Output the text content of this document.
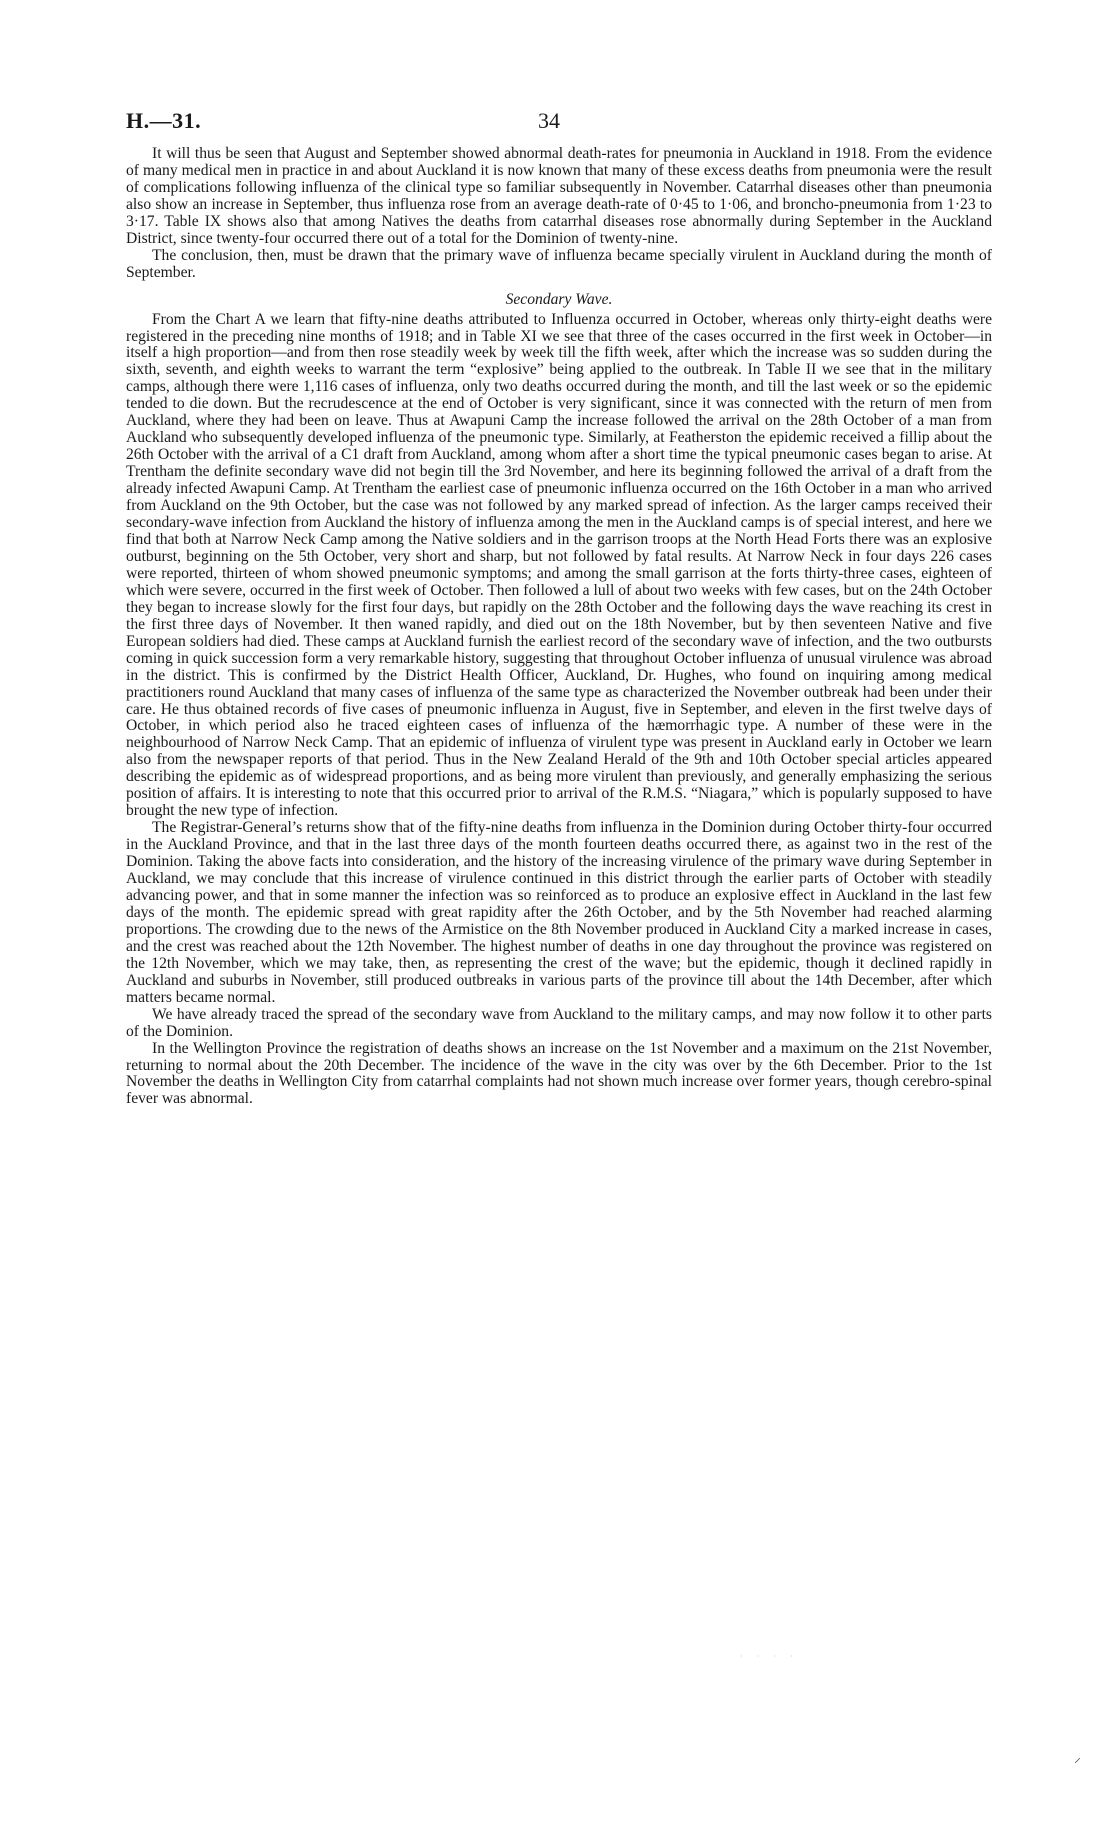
H.—31.	34

It will thus be seen that August and September showed abnormal death-rates for pneumonia in Auckland in 1918. From the evidence of many medical men in practice in and about Auckland it is now known that many of these excess deaths from pneumonia were the result of complications following influenza of the clinical type so familiar subsequently in November. Catarrhal diseases other than pneumonia also show an increase in September, thus influenza rose from an average death-rate of 0·45 to 1·06, and broncho-pneumonia from 1·23 to 3·17. Table IX shows also that among Natives the deaths from catarrhal diseases rose abnormally during September in the Auckland District, since twenty-four occurred there out of a total for the Dominion of twenty-nine.

The conclusion, then, must be drawn that the primary wave of influenza became specially virulent in Auckland during the month of September.

Secondary Wave.

From the Chart A we learn that fifty-nine deaths attributed to Influenza occurred in October, whereas only thirty-eight deaths were registered in the preceding nine months of 1918; and in Table XI we see that three of the cases occurred in the first week in October—in itself a high proportion—and from then rose steadily week by week till the fifth week, after which the increase was so sudden during the sixth, seventh, and eighth weeks to warrant the term “explosive” being applied to the outbreak. In Table II we see that in the military camps, although there were 1,116 cases of influenza, only two deaths occurred during the month, and till the last week or so the epidemic tended to die down. But the recrudescence at the end of October is very significant, since it was connected with the return of men from Auckland, where they had been on leave. Thus at Awapuni Camp the increase followed the arrival on the 28th October of a man from Auckland who subsequently developed influenza of the pneumonic type. Similarly, at Featherston the epidemic received a fillip about the 26th October with the arrival of a C1 draft from Auckland, among whom after a short time the typical pneumonic cases began to arise. At Trentham the definite secondary wave did not begin till the 3rd November, and here its beginning followed the arrival of a draft from the already infected Awapuni Camp. At Trentham the earliest case of pneumonic influenza occurred on the 16th October in a man who arrived from Auckland on the 9th October, but the case was not followed by any marked spread of infection. As the larger camps received their secondary-wave infection from Auckland the history of influenza among the men in the Auckland camps is of special interest, and here we find that both at Narrow Neck Camp among the Native soldiers and in the garrison troops at the North Head Forts there was an explosive outburst, beginning on the 5th October, very short and sharp, but not followed by fatal results. At Narrow Neck in four days 226 cases were reported, thirteen of whom showed pneumonic symptoms; and among the small garrison at the forts thirty-three cases, eighteen of which were severe, occurred in the first week of October. Then followed a lull of about two weeks with few cases, but on the 24th October they began to increase slowly for the first four days, but rapidly on the 28th October and the following days the wave reaching its crest in the first three days of November. It then waned rapidly, and died out on the 18th November, but by then seventeen Native and five European soldiers had died. These camps at Auckland furnish the earliest record of the secondary wave of infection, and the two outbursts coming in quick succession form a very remarkable history, suggesting that throughout October influenza of unusual virulence was abroad in the district. This is confirmed by the District Health Officer, Auckland, Dr. Hughes, who found on inquiring among medical practitioners round Auckland that many cases of influenza of the same type as characterized the November outbreak had been under their care. He thus obtained records of five cases of pneumonic influenza in August, five in September, and eleven in the first twelve days of October, in which period also he traced eighteen cases of influenza of the hæmorrhagic type. A number of these were in the neighbourhood of Narrow Neck Camp. That an epidemic of influenza of virulent type was present in Auckland early in October we learn also from the newspaper reports of that period. Thus in the New Zealand Herald of the 9th and 10th October special articles appeared describing the epidemic as of widespread proportions, and as being more virulent than previously, and generally emphasizing the serious position of affairs. It is interesting to note that this occurred prior to arrival of the R.M.S. “Niagara,” which is popularly supposed to have brought the new type of infection.

The Registrar-General’s returns show that of the fifty-nine deaths from influenza in the Dominion during October thirty-four occurred in the Auckland Province, and that in the last three days of the month fourteen deaths occurred there, as against two in the rest of the Dominion. Taking the above facts into consideration, and the history of the increasing virulence of the primary wave during September in Auckland, we may conclude that this increase of virulence continued in this district through the earlier parts of October with steadily advancing power, and that in some manner the infection was so reinforced as to produce an explosive effect in Auckland in the last few days of the month. The epidemic spread with great rapidity after the 26th October, and by the 5th November had reached alarming proportions. The crowding due to the news of the Armistice on the 8th November produced in Auckland City a marked increase in cases, and the crest was reached about the 12th November. The highest number of deaths in one day throughout the province was registered on the 12th November, which we may take, then, as representing the crest of the wave; but the epidemic, though it declined rapidly in Auckland and suburbs in November, still produced outbreaks in various parts of the province till about the 14th December, after which matters became normal.

We have already traced the spread of the secondary wave from Auckland to the military camps, and may now follow it to other parts of the Dominion.

In the Wellington Province the registration of deaths shows an increase on the 1st November and a maximum on the 21st November, returning to normal about the 20th December. The incidence of the wave in the city was over by the 6th December. Prior to the 1st November the deaths in Wellington City from catarrhal complaints had not shown much increase over former years, though cerebro-spinal fever was abnormal.

· · · ·
⸝
